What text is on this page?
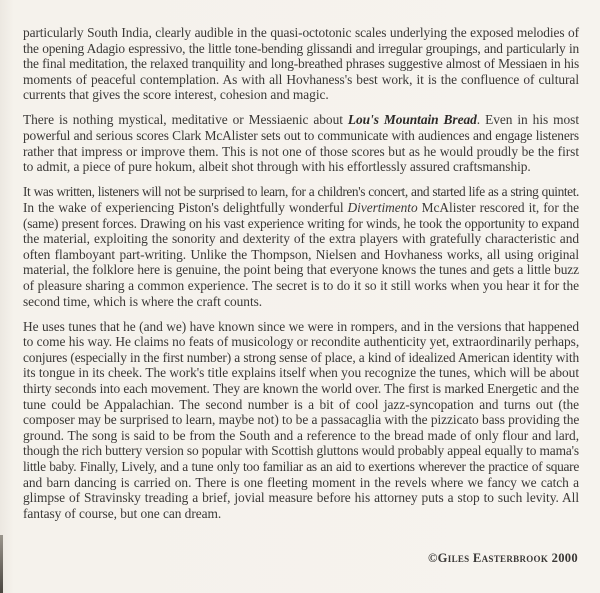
particularly South India, clearly audible in the quasi-octotonic scales underlying the exposed melodies of
the opening Adagio espressivo, the little tone-bending glissandi and irregular groupings, and particularly in
the final meditation, the relaxed tranquility and long-breathed phrases suggestive almost of Messiaen in his
moments of peaceful contemplation. As with all Hovhaness's best work, it is the confluence of cultural
currents that gives the score interest, cohesion and magic.
There is nothing mystical, meditative or Messiaenic about Lou's Mountain Bread. Even in his most
powerful and serious scores Clark McAlister sets out to communicate with audiences and engage listeners
rather that impress or improve them. This is not one of those scores but as he would proudly be the first
to admit, a piece of pure hokum, albeit shot through with his effortlessly assured craftsmanship.
It was written, listeners will not be surprised to learn, for a children's concert, and started life as a string quintet.
In the wake of experiencing Piston's delightfully wonderful Divertimento McAlister rescored it, for the
(same) present forces. Drawing on his vast experience writing for winds, he took the opportunity to expand
the material, exploiting the sonority and dexterity of the extra players with gratefully characteristic and
often flamboyant part-writing. Unlike the Thompson, Nielsen and Hovhaness works, all using original
material, the folklore here is genuine, the point being that everyone knows the tunes and gets a little buzz
of pleasure sharing a common experience. The secret is to do it so it still works when you hear it for the
second time, which is where the craft counts.
He uses tunes that he (and we) have known since we were in rompers, and in the versions that happened
to come his way. He claims no feats of musicology or recondite authenticity yet, extraordinarily perhaps,
conjures (especially in the first number) a strong sense of place, a kind of idealized American identity with
its tongue in its cheek. The work's title explains itself when you recognize the tunes, which will be about
thirty seconds into each movement. They are known the world over. The first is marked Energetic and the
tune could be Appalachian. The second number is a bit of cool jazz-syncopation and turns out (the
composer may be surprised to learn, maybe not) to be a passacaglia with the pizzicato bass providing the
ground. The song is said to be from the South and a reference to the bread made of only flour and lard,
though the rich buttery version so popular with Scottish gluttons would probably appeal equally to mama's
little baby. Finally, Lively, and a tune only too familiar as an aid to exertions wherever the practice of square
and barn dancing is carried on. There is one fleeting moment in the revels where we fancy we catch a
glimpse of Stravinsky treading a brief, jovial measure before his attorney puts a stop to such levity. All
fantasy of course, but one can dream.
©Giles Easterbrook 2000
